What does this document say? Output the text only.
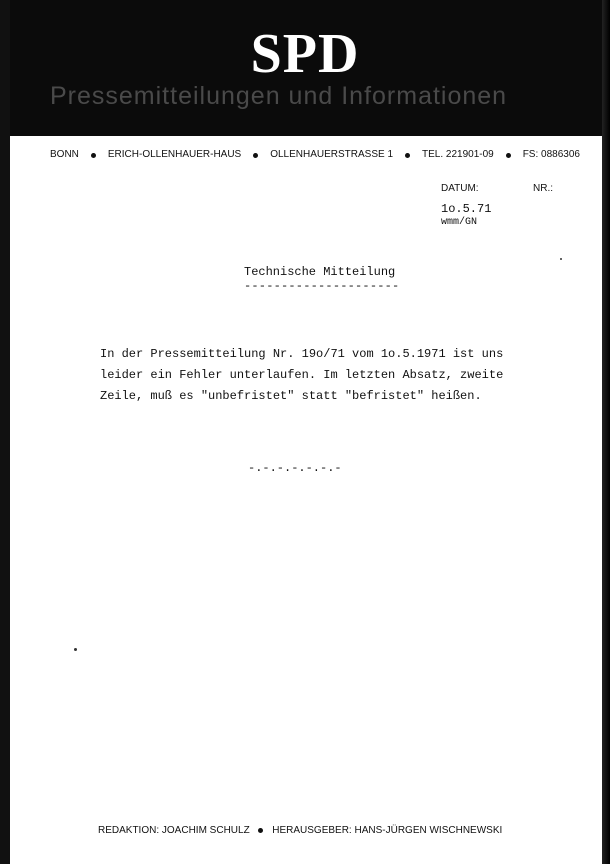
SPD
Pressemitteilungen und Informationen
BONN	ERICH-OLLENHAUER-HAUS	OLLENHAUERSTRASSE 1	TEL. 221901-09	FS: 0886306
DATUM:	NR.:
1o.5.71
wmm/GN
Technische Mitteilung
---------------------
In der Pressemitteilung Nr. 19o/71 vom 1o.5.1971 ist uns
leider ein Fehler unterlaufen. Im letzten Absatz, zweite
Zeile, muß es "unbefristet" statt "befristet" heißen.
-.-.-.-.-.-.-
REDAKTION: JOACHIM SCHULZ HERAUSGEBER: HANS-JÜRGEN WISCHNEWSKI
